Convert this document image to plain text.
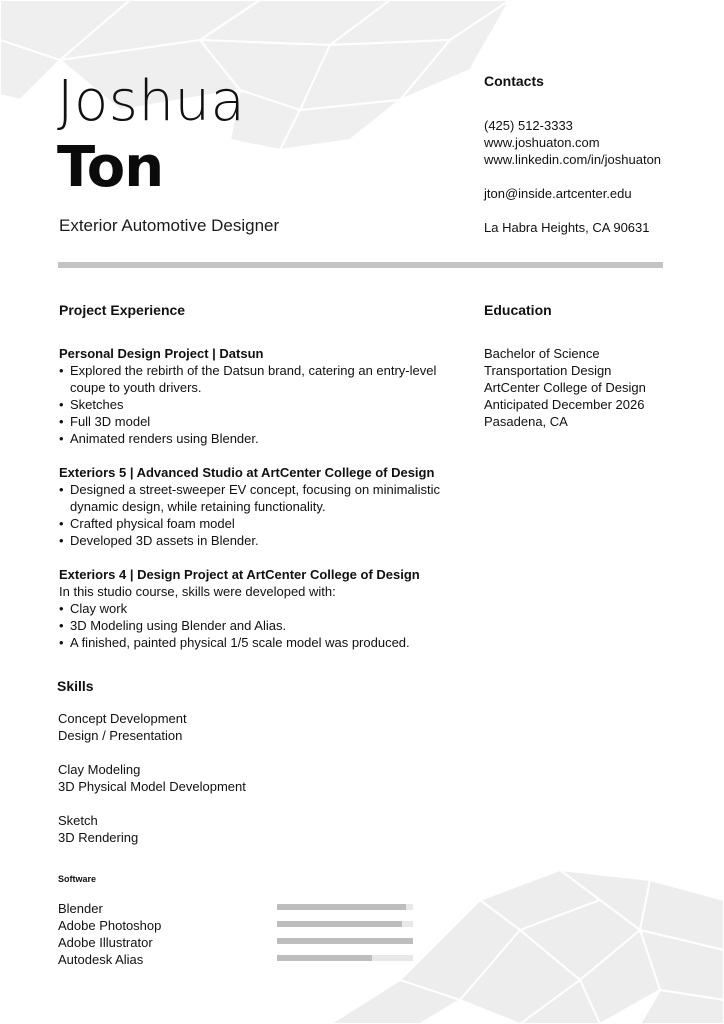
Joshua
Ton
Exterior Automotive Designer
Contacts
(425) 512-3333
www.joshuaton.com
www.linkedin.com/in/joshuaton
jton@inside.artcenter.edu
La Habra Heights, CA 90631
Project Experience	Education
Personal Design Project | Datsun
• Explored the rebirth of the Datsun brand, catering an entry-level coupe to youth drivers.
• Sketches
• Full 3D model
• Animated renders using Blender.
Exteriors 5 | Advanced Studio at ArtCenter College of Design
• Designed a street-sweeper EV concept, focusing on minimalistic dynamic design, while retaining functionality.
• Crafted physical foam model
• Developed 3D assets in Blender.
Exteriors 4 | Design Project at ArtCenter College of Design
In this studio course, skills were developed with:
• Clay work
• 3D Modeling using Blender and Alias.
• A finished, painted physical 1/5 scale model was produced.
Bachelor of Science
Transportation Design
ArtCenter College of Design
Anticipated December 2026
Pasadena, CA
Skills
Concept Development
Design / Presentation
Clay Modeling
3D Physical Model Development
Sketch
3D Rendering
Software
Blender
Adobe Photoshop
Adobe Illustrator
Autodesk Alias
